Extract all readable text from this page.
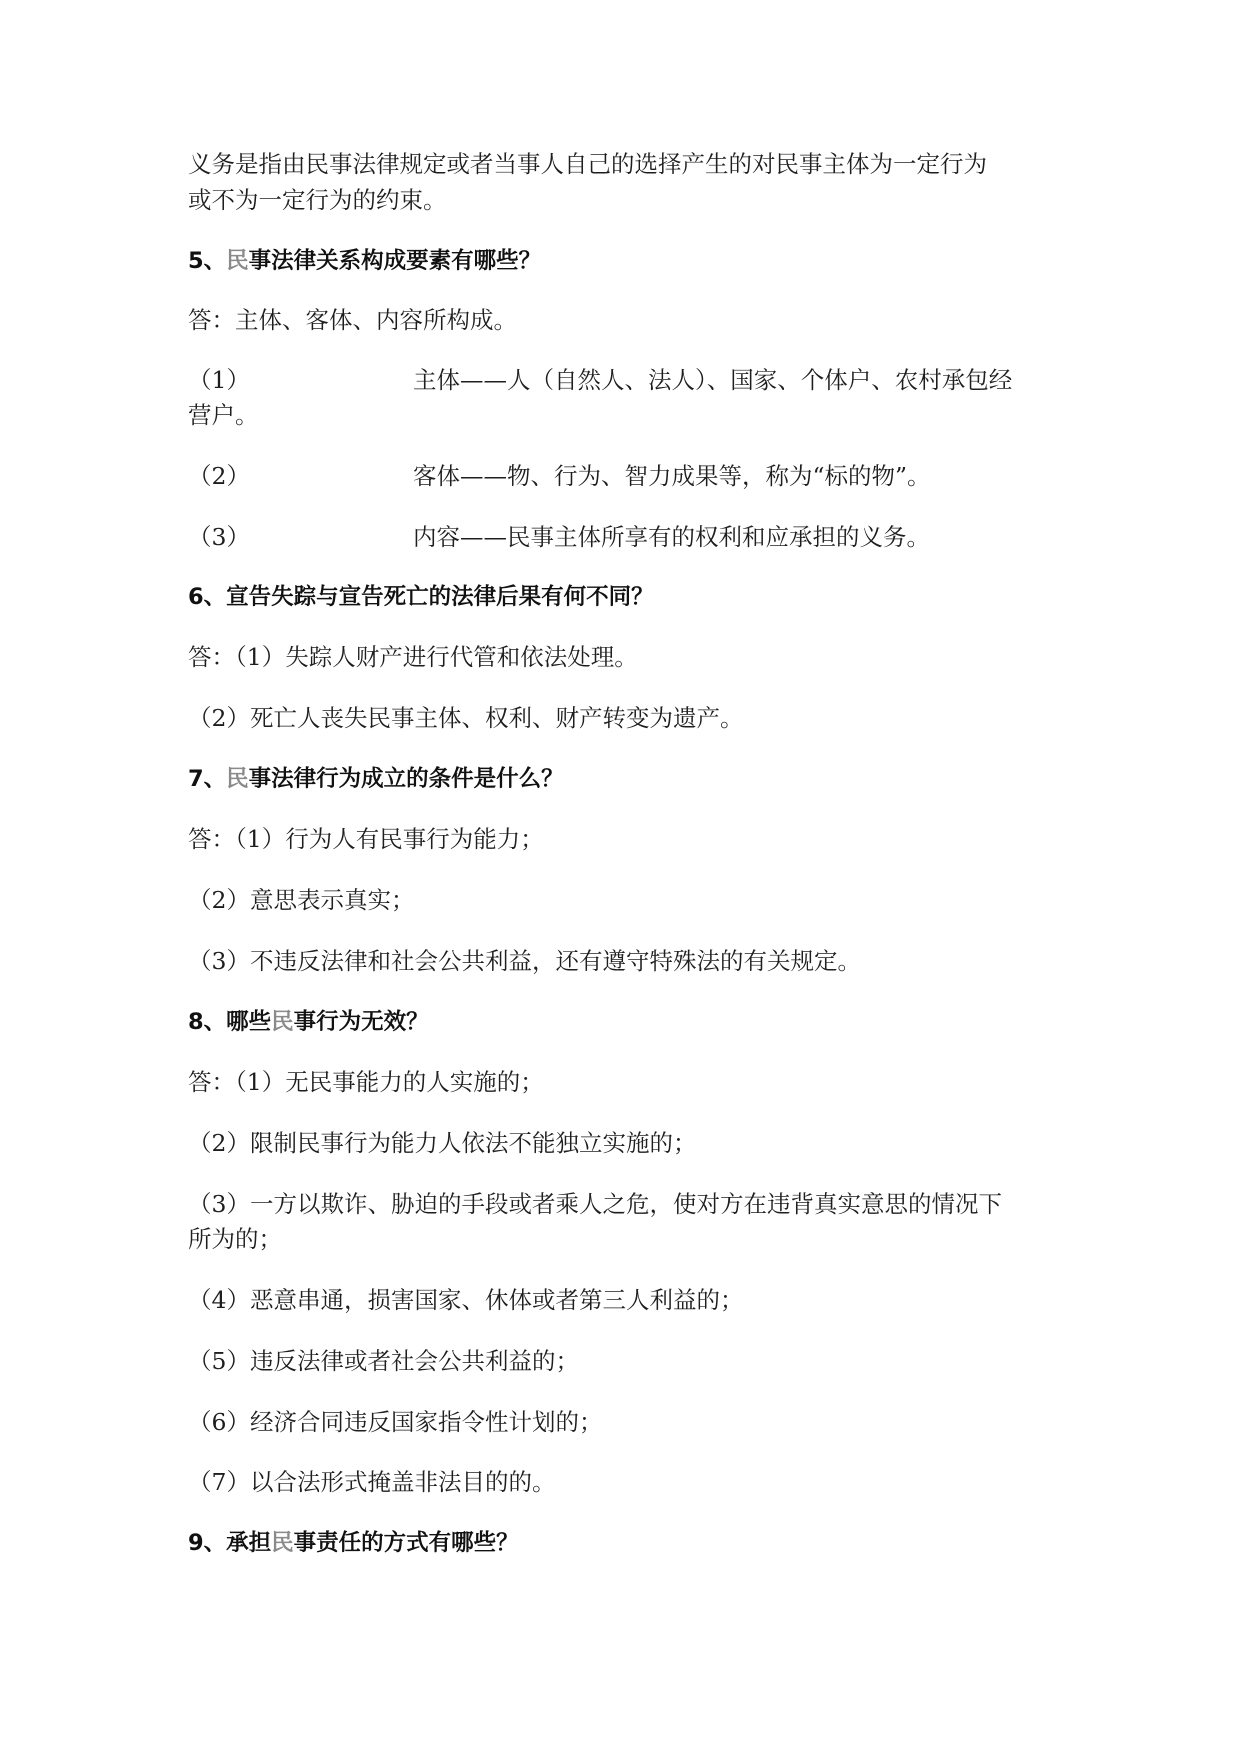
义务是指由民事法律规定或者当事人自己的选择产生的对民事主体为一定行为
或不为一定行为的约束。
5、民事法律关系构成要素有哪些？
答：主体、客体、内容所构成。
（1）	主体——人（自然人、法人）、国家、个体户、农村承包经
营户。
（2）	客体——物、行为、智力成果等，称为“标的物”。
（3）	内容——民事主体所享有的权利和应承担的义务。
6、宣告失踪与宣告死亡的法律后果有何不同？
答：（1）失踪人财产进行代管和依法处理。
（2）死亡人丧失民事主体、权利、财产转变为遗产。
7、民事法律行为成立的条件是什么？
答：（1）行为人有民事行为能力；
（2）意思表示真实；
（3）不违反法律和社会公共利益，还有遵守特殊法的有关规定。
8、哪些民事行为无效？
答：（1）无民事能力的人实施的；
（2）限制民事行为能力人依法不能独立实施的；
（3）一方以欺诈、胁迫的手段或者乘人之危，使对方在违背真实意思的情况下
所为的；
（4）恶意串通，损害国家、休体或者第三人利益的；
（5）违反法律或者社会公共利益的；
（6）经济合同违反国家指令性计划的；
（7）以合法形式掩盖非法目的的。
9、承担民事责任的方式有哪些？
